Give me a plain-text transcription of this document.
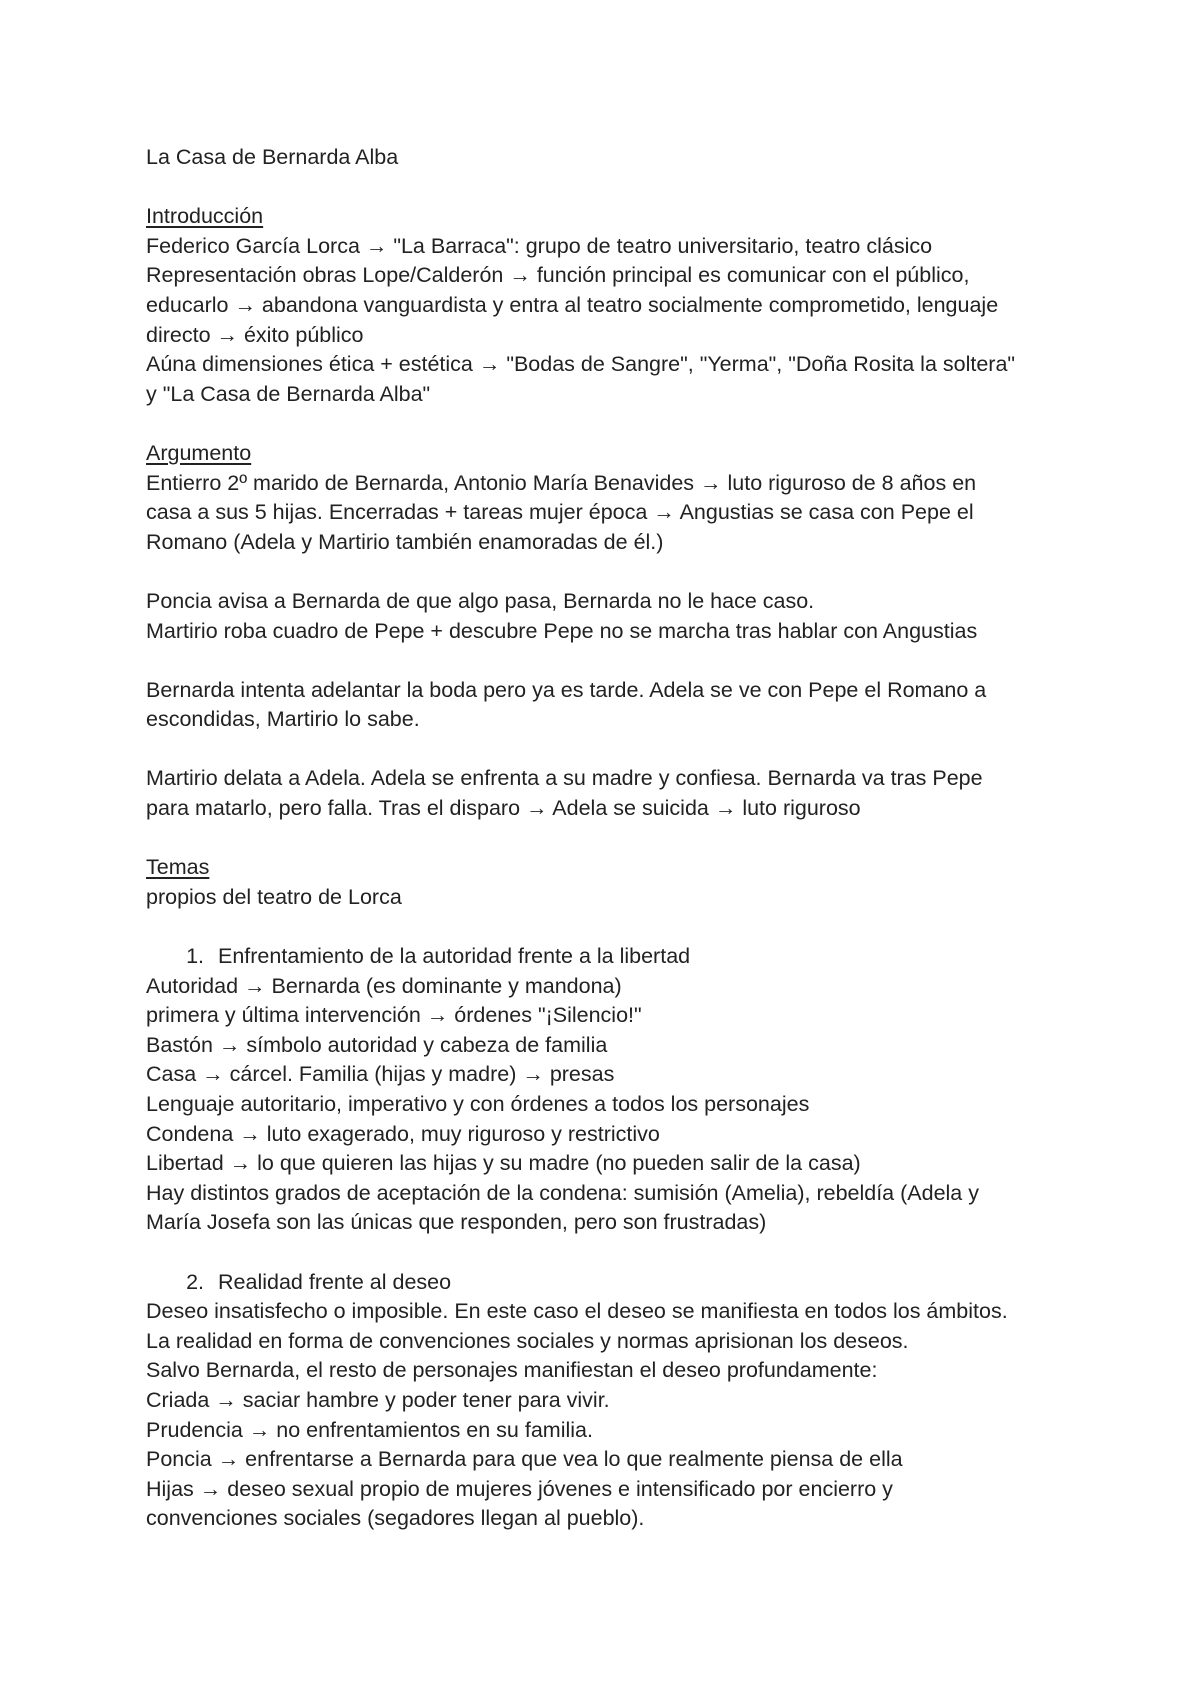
La Casa de Bernarda Alba
Introducción
Federico García Lorca → "La Barraca": grupo de teatro universitario, teatro clásico
Representación obras Lope/Calderón → función principal es comunicar con el público,
educarlo → abandona vanguardista y entra al teatro socialmente comprometido, lenguaje
directo → éxito público
Aúna dimensiones ética + estética → "Bodas de Sangre", "Yerma", "Doña Rosita la soltera"
y "La Casa de Bernarda Alba"
Argumento
Entierro 2º marido de Bernarda, Antonio María Benavides → luto riguroso de 8 años en
casa a sus 5 hijas. Encerradas + tareas mujer época → Angustias se casa con Pepe el
Romano (Adela y Martirio también enamoradas de él.)
Poncia avisa a Bernarda de que algo pasa, Bernarda no le hace caso.
Martirio roba cuadro de Pepe + descubre Pepe no se marcha tras hablar con Angustias
Bernarda intenta adelantar la boda pero ya es tarde. Adela se ve con Pepe el Romano a
escondidas, Martirio lo sabe.
Martirio delata a Adela. Adela se enfrenta a su madre y confiesa. Bernarda va tras Pepe
para matarlo, pero falla. Tras el disparo → Adela se suicida → luto riguroso
Temas
propios del teatro de Lorca
1. Enfrentamiento de la autoridad frente a la libertad
Autoridad → Bernarda (es dominante y mandona)
primera y última intervención → órdenes "¡Silencio!"
Bastón → símbolo autoridad y cabeza de familia
Casa → cárcel. Familia (hijas y madre) → presas
Lenguaje autoritario, imperativo y con órdenes a todos los personajes
Condena → luto exagerado, muy riguroso y restrictivo
Libertad → lo que quieren las hijas y su madre (no pueden salir de la casa)
Hay distintos grados de aceptación de la condena: sumisión (Amelia), rebeldía (Adela y
María Josefa son las únicas que responden, pero son frustradas)
2. Realidad frente al deseo
Deseo insatisfecho o imposible. En este caso el deseo se manifiesta en todos los ámbitos.
La realidad en forma de convenciones sociales y normas aprisionan los deseos.
Salvo Bernarda, el resto de personajes manifiestan el deseo profundamente:
Criada → saciar hambre y poder tener para vivir.
Prudencia → no enfrentamientos en su familia.
Poncia → enfrentarse a Bernarda para que vea lo que realmente piensa de ella
Hijas → deseo sexual propio de mujeres jóvenes e intensificado por encierro y
convenciones sociales (segadores llegan al pueblo).
